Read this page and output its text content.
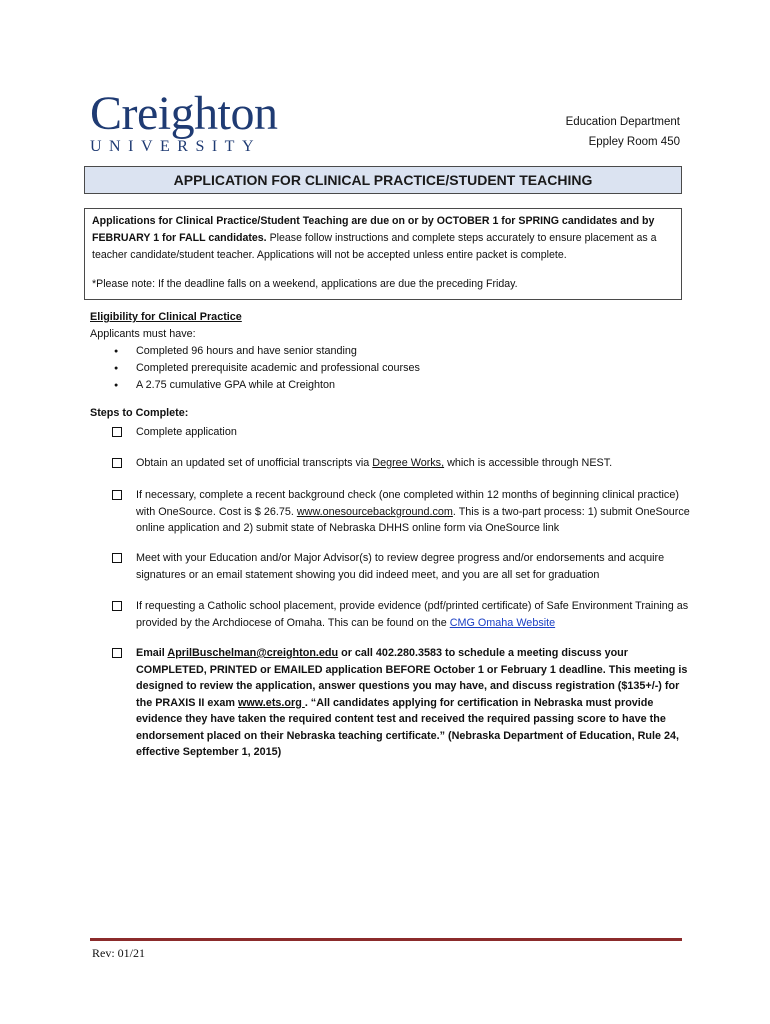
Creighton
UNIVERSITY
Education Department
Eppley Room 450
APPLICATION FOR CLINICAL PRACTICE/STUDENT TEACHING

Applications for Clinical Practice/Student Teaching are due on or by OCTOBER 1 for SPRING candidates and by FEBRUARY 1 for FALL candidates. Please follow instructions and complete steps accurately to ensure placement as a teacher candidate/student teacher. Applications will not be accepted unless entire packet is complete.

*Please note: If the deadline falls on a weekend, applications are due the preceding Friday.

Eligibility for Clinical Practice
Applicants must have:
● Completed 96 hours and have senior standing
● Completed prerequisite academic and professional courses
● A 2.75 cumulative GPA while at Creighton
Steps to Complete:
Complete application
Obtain an updated set of unofficial transcripts via Degree Works, which is accessible through NEST.
If necessary, complete a recent background check (one completed within 12 months of beginning clinical practice) with OneSource. Cost is $ 26.75. www.onesourcebackground.com. This is a two-part process: 1) submit OneSource online application and 2) submit state of Nebraska DHHS online form via OneSource link
Meet with your Education and/or Major Advisor(s) to review degree progress and/or endorsements and acquire signatures or an email statement showing you did indeed meet, and you are all set for graduation
If requesting a Catholic school placement, provide evidence (pdf/printed certificate) of Safe Environment Training as provided by the Archdiocese of Omaha. This can be found on the CMG Omaha Website
Email AprilBuschelman@creighton.edu or call 402.280.3583 to schedule a meeting discuss your COMPLETED, PRINTED or EMAILED application BEFORE October 1 or February 1 deadline. This meeting is designed to review the application, answer questions you may have, and discuss registration ($135+/-) for the PRAXIS II exam www.ets.org . “All candidates applying for certification in Nebraska must provide evidence they have taken the required content test and received the required passing score to have the endorsement placed on their Nebraska teaching certificate.” (Nebraska Department of Education, Rule 24, effective September 1, 2015)
Rev: 01/21
